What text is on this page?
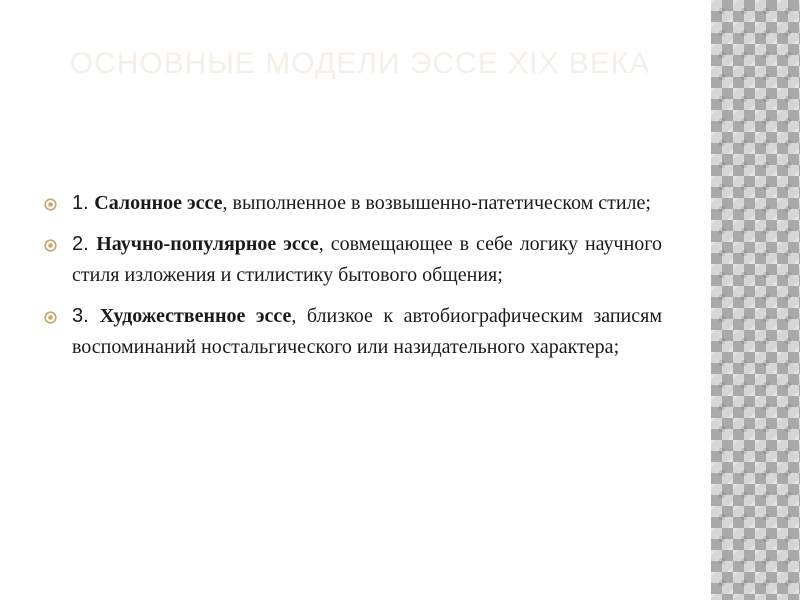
ОСНОВНЫЕ МОДЕЛИ ЭССЕ XIX ВЕКА
1. Салонное эссе, выполненное в возвышенно-патетическом стиле;
2. Научно-популярное эссе, совмещающее в себе логику научного стиля изложения и стилистику бытового общения;
3. Художественное эссе, близкое к автобиографическим записям воспоминаний ностальгического или назидательного характера;
